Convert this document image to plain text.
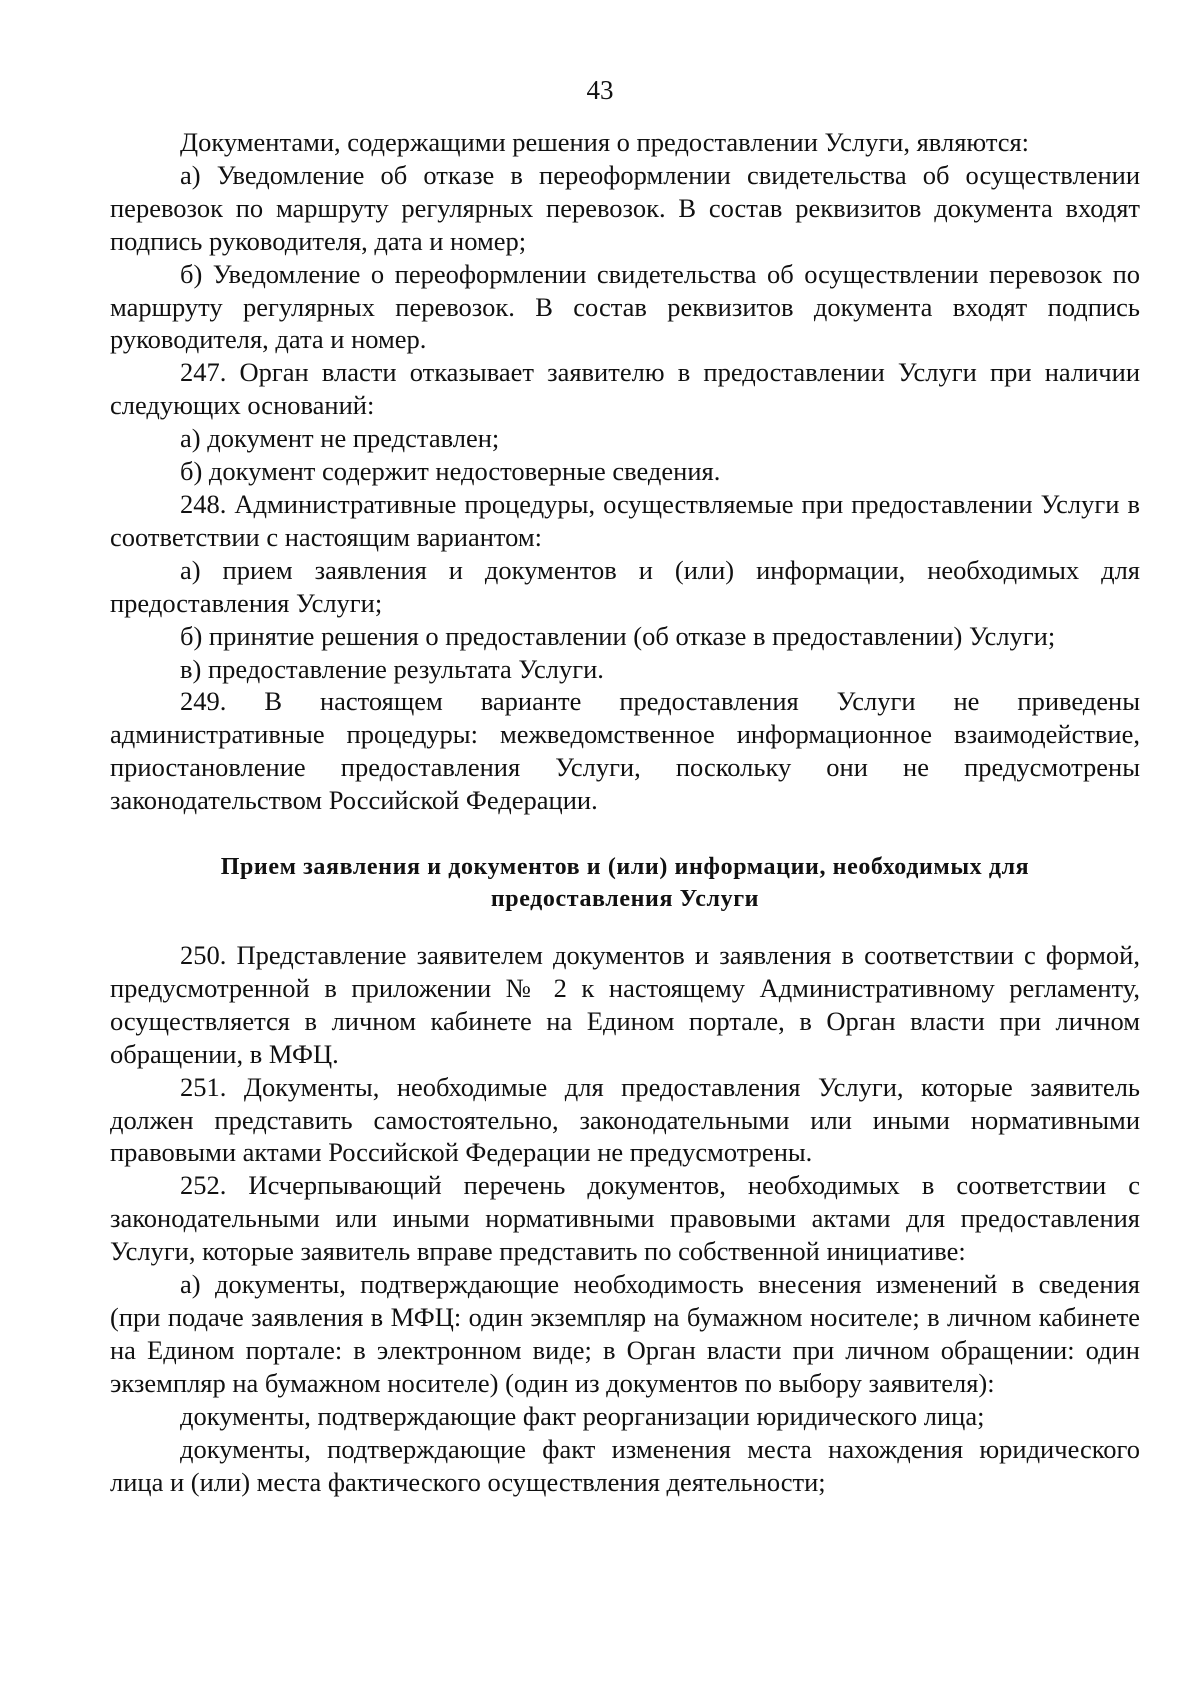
43

Документами, содержащими решения о предоставлении Услуги, являются:

а) Уведомление об отказе в переоформлении свидетельства об осуществлении перевозок по маршруту регулярных перевозок. В состав реквизитов документа входят подпись руководителя, дата и номер;

б) Уведомление о переоформлении свидетельства об осуществлении перевозок по маршруту регулярных перевозок. В состав реквизитов документа входят подпись руководителя, дата и номер.

247. Орган власти отказывает заявителю в предоставлении Услуги при наличии следующих оснований:

а) документ не представлен;

б) документ содержит недостоверные сведения.

248. Административные процедуры, осуществляемые при предоставлении Услуги в соответствии с настоящим вариантом:

а) прием заявления и документов и (или) информации, необходимых для предоставления Услуги;

б) принятие решения о предоставлении (об отказе в предоставлении) Услуги;

в) предоставление результата Услуги.

249. В настоящем варианте предоставления Услуги не приведены административные процедуры: межведомственное информационное взаимодействие, приостановление предоставления Услуги, поскольку они не предусмотрены законодательством Российской Федерации.

Прием заявления и документов и (или) информации, необходимых для предоставления Услуги

250. Представление заявителем документов и заявления в соответствии с формой, предусмотренной в приложении № 2 к настоящему Административному регламенту, осуществляется в личном кабинете на Едином портале, в Орган власти при личном обращении, в МФЦ.

251. Документы, необходимые для предоставления Услуги, которые заявитель должен представить самостоятельно, законодательными или иными нормативными правовыми актами Российской Федерации не предусмотрены.

252. Исчерпывающий перечень документов, необходимых в соответствии с законодательными или иными нормативными правовыми актами для предоставления Услуги, которые заявитель вправе представить по собственной инициативе:

а) документы, подтверждающие необходимость внесения изменений в сведения (при подаче заявления в МФЦ: один экземпляр на бумажном носителе; в личном кабинете на Едином портале: в электронном виде; в Орган власти при личном обращении: один экземпляр на бумажном носителе) (один из документов по выбору заявителя):

документы, подтверждающие факт реорганизации юридического лица;

документы, подтверждающие факт изменения места нахождения юридического лица и (или) места фактического осуществления деятельности;
